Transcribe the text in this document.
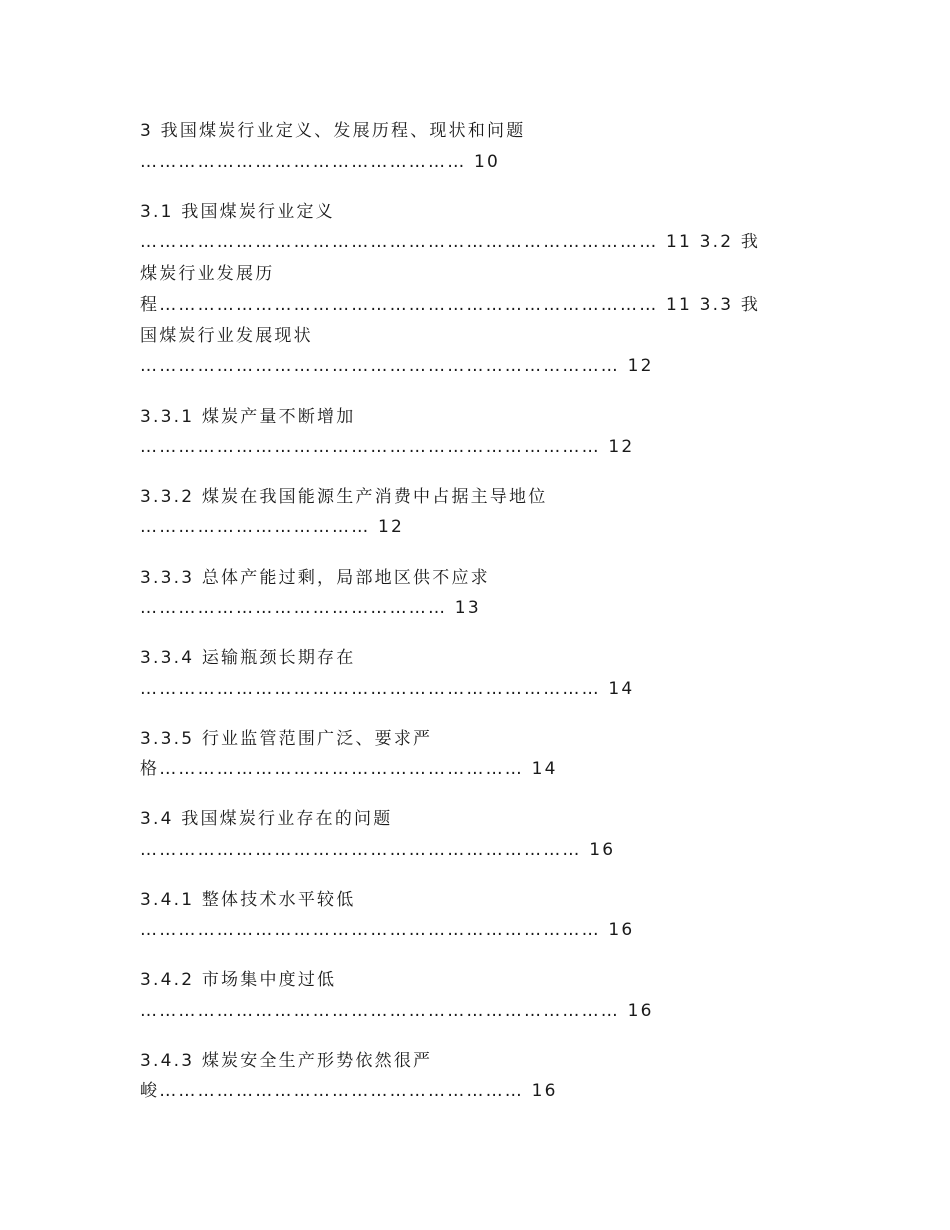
3 我国煤炭行业定义、发展历程、现状和问题
…………………………………………… 10
3.1 我国煤炭行业定义
……………………………………………………………………… 11 3.2 我
煤炭行业发展历
程…………………………………………………………………… 11 3.3 我
国煤炭行业发展现状
………………………………………………………………… 12
3.3.1 煤炭产量不断增加
……………………………………………………………… 12
3.3.2 煤炭在我国能源生产消费中占据主导地位
……………………………… 12
3.3.3 总体产能过剩，局部地区供不应求
………………………………………… 13
3.3.4 运输瓶颈长期存在
……………………………………………………………… 14
3.3.5 行业监管范围广泛、要求严
格………………………………………………… 14
3.4 我国煤炭行业存在的问题
…………………………………………………………… 16
3.4.1 整体技术水平较低
……………………………………………………………… 16
3.4.2 市场集中度过低
………………………………………………………………… 16
3.4.3 煤炭安全生产形势依然很严
峻………………………………………………… 16
